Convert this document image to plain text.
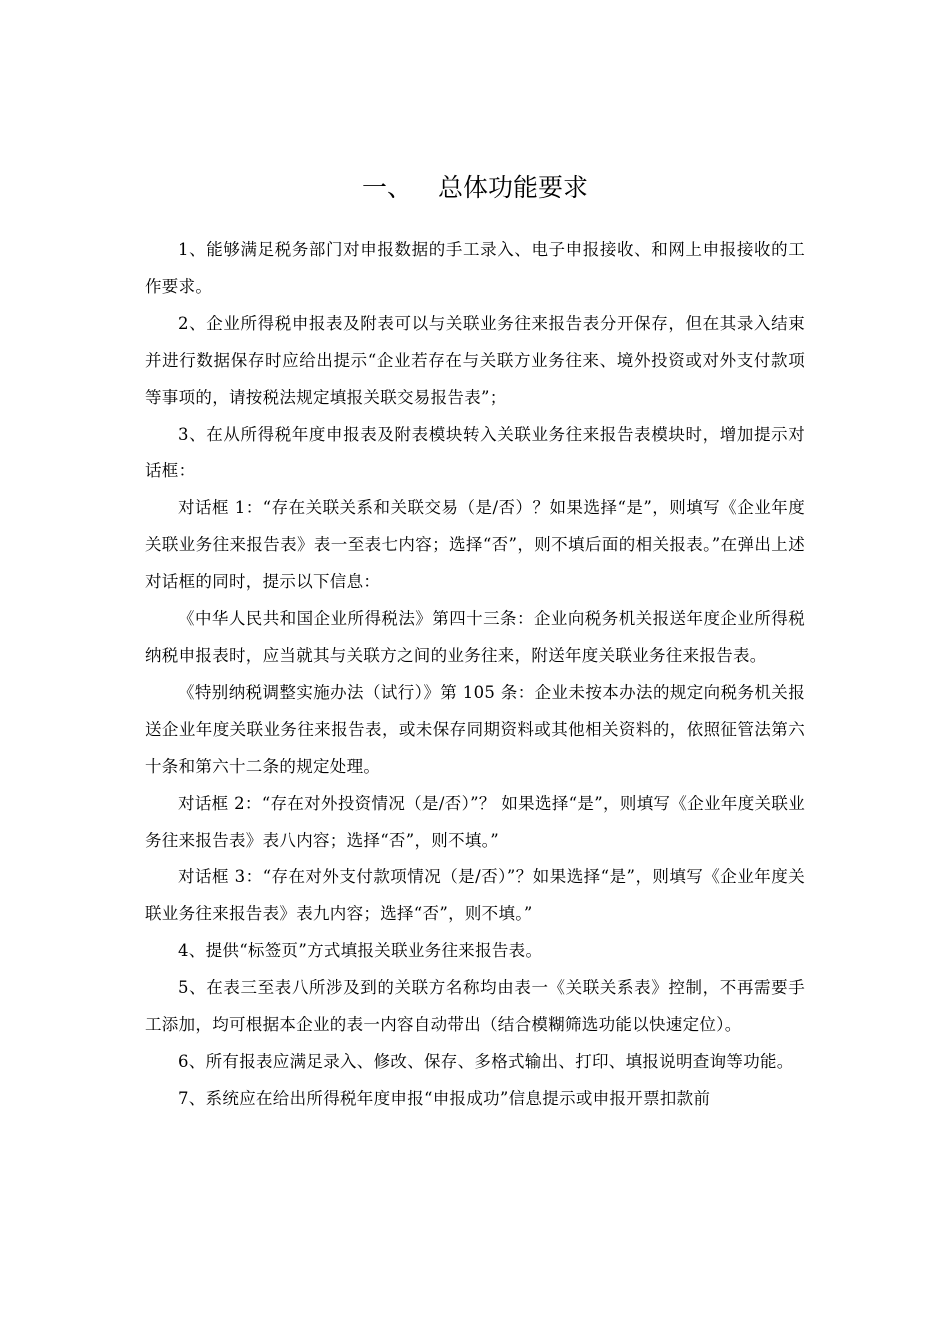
一、 总体功能要求

1、能够满足税务部门对申报数据的手工录入、电子申报接收、和网上申报接收的工作要求。

2、企业所得税申报表及附表可以与关联业务往来报告表分开保存，但在其录入结束并进行数据保存时应给出提示“企业若存在与关联方业务往来、境外投资或对外支付款项等事项的，请按税法规定填报关联交易报告表”；

3、在从所得税年度申报表及附表模块转入关联业务往来报告表模块时，增加提示对话框：

对话框 1：“存在关联关系和关联交易（是/否）？如果选择“是”，则填写《企业年度关联业务往来报告表》表一至表七内容；选择“否”，则不填后面的相关报表。”在弹出上述对话框的同时，提示以下信息：

《中华人民共和国企业所得税法》第四十三条：企业向税务机关报送年度企业所得税纳税申报表时，应当就其与关联方之间的业务往来，附送年度关联业务往来报告表。

《特别纳税调整实施办法（试行）》第 105 条：企业未按本办法的规定向税务机关报送企业年度关联业务往来报告表，或未保存同期资料或其他相关资料的，依照征管法第六十条和第六十二条的规定处理。

对话框 2：“存在对外投资情况（是/否）”？ 如果选择“是”，则填写《企业年度关联业务往来报告表》表八内容；选择“否”，则不填。”

对话框 3：“存在对外支付款项情况（是/否）”？如果选择“是”，则填写《企业年度关联业务往来报告表》表九内容；选择“否”，则不填。”

4、提供“标签页”方式填报关联业务往来报告表。

5、在表三至表八所涉及到的关联方名称均由表一《关联关系表》控制，不再需要手工添加，均可根据本企业的表一内容自动带出（结合模糊筛选功能以快速定位）。

6、所有报表应满足录入、修改、保存、多格式输出、打印、填报说明查询等功能。

7、系统应在给出所得税年度申报“申报成功”信息提示或申报开票扣款前
